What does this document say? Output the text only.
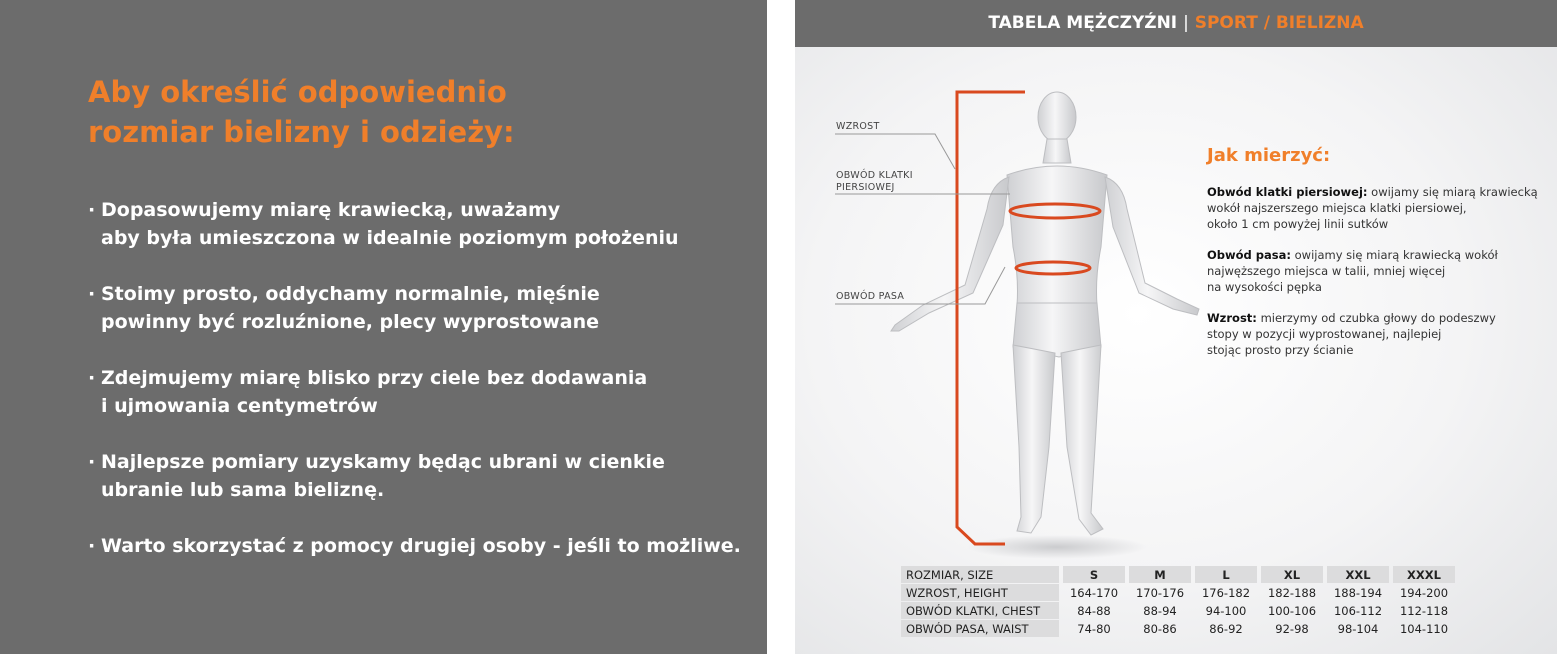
Aby określić odpowiednio
rozmiar bielizny i odzieży:
· Dopasowujemy miarę krawiecką, uważamy
aby była umieszczona w idealnie poziomym położeniu
· Stoimy prosto, oddychamy normalnie, mięśnie
powinny być rozluźnione, plecy wyprostowane
· Zdejmujemy miarę blisko przy ciele bez dodawania
i ujmowania centymetrów
· Najlepsze pomiary uzyskamy będąc ubrani w cienkie
ubranie lub sama bieliznę.
· Warto skorzystać z pomocy drugiej osoby - jeśli to możliwe.
TABELA MĘŻCZYŹNI | SPORT / BIELIZNA
WZROST
OBWÓD KLATKI
PIERSIOWEJ
OBWÓD PASA
Jak mierzyć:
Obwód klatki piersiowej: owijamy się miarą krawiecką
wokół najszerszego miejsca klatki piersiowej,
około 1 cm powyżej linii sutków
Obwód pasa: owijamy się miarą krawiecką wokół
najwęższego miejsca w talii, mniej więcej
na wysokości pępka
Wzrost: mierzymy od czubka głowy do podeszwy
stopy w pozycji wyprostowanej, najlepiej
stojąc prosto przy ścianie
ROZMIAR, SIZE	S	M	L	XL	XXL	XXXL
WZROST, HEIGHT	164-170	170-176	176-182	182-188	188-194	194-200
OBWÓD KLATKI, CHEST	84-88	88-94	94-100	100-106	106-112	112-118
OBWÓD PASA, WAIST	74-80	80-86	86-92	92-98	98-104	104-110
